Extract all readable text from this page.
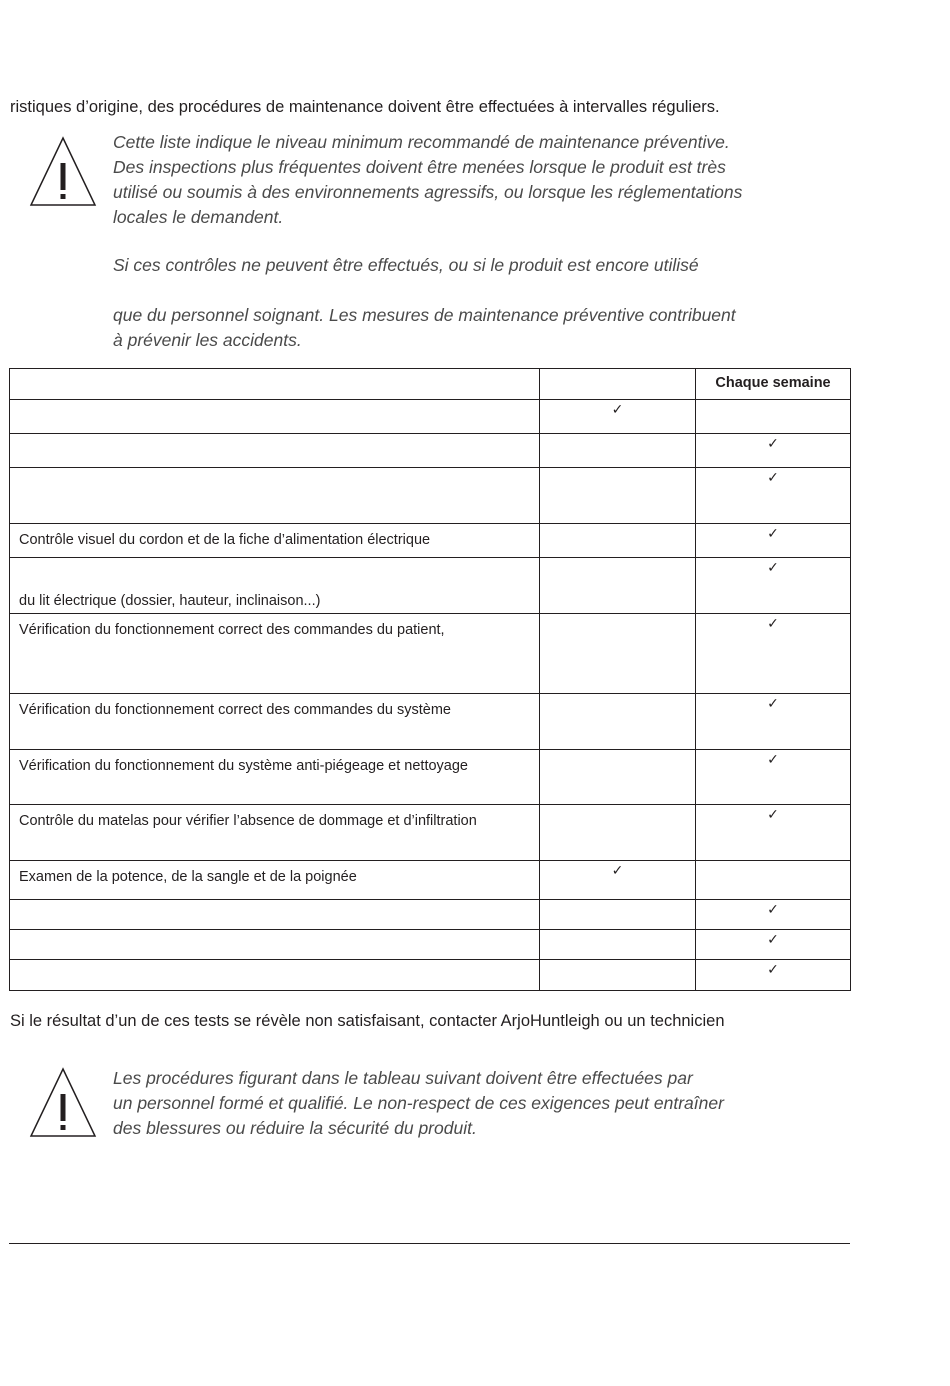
ristiques d’origine, des procédures de maintenance doivent être effectuées à intervalles réguliers.

Cette liste indique le niveau minimum recommandé de maintenance préventive.
Des inspections plus fréquentes doivent être menées lorsque le produit est très
utilisé ou soumis à des environnements agressifs, ou lorsque les réglementations
locales le demandent.

Si ces contrôles ne peuvent être effectués, ou si le produit est encore utilisé

que du personnel soignant. Les mesures de maintenance préventive contribuent
à prévenir les accidents.

		Chaque semaine

	✓	

		✓

		✓

Contrôle visuel du cordon et de la fiche d’alimentation électrique		✓

du lit électrique (dossier, hauteur, inclinaison...)		✓

Vérification du fonctionnement correct des commandes du patient,		✓

Vérification du fonctionnement correct des commandes du système		✓

Vérification du fonctionnement du système anti-piégeage et nettoyage		✓

Contrôle du matelas pour vérifier l’absence de dommage et d’infiltration		✓

Examen de la potence, de la sangle et de la poignée	✓	

		✓

		✓

		✓

Si le résultat d’un de ces tests se révèle non satisfaisant, contacter ArjoHuntleigh ou un technicien

Les procédures figurant dans le tableau suivant doivent être effectuées par
un personnel formé et qualifié. Le non-respect de ces exigences peut entraîner
des blessures ou réduire la sécurité du produit.
